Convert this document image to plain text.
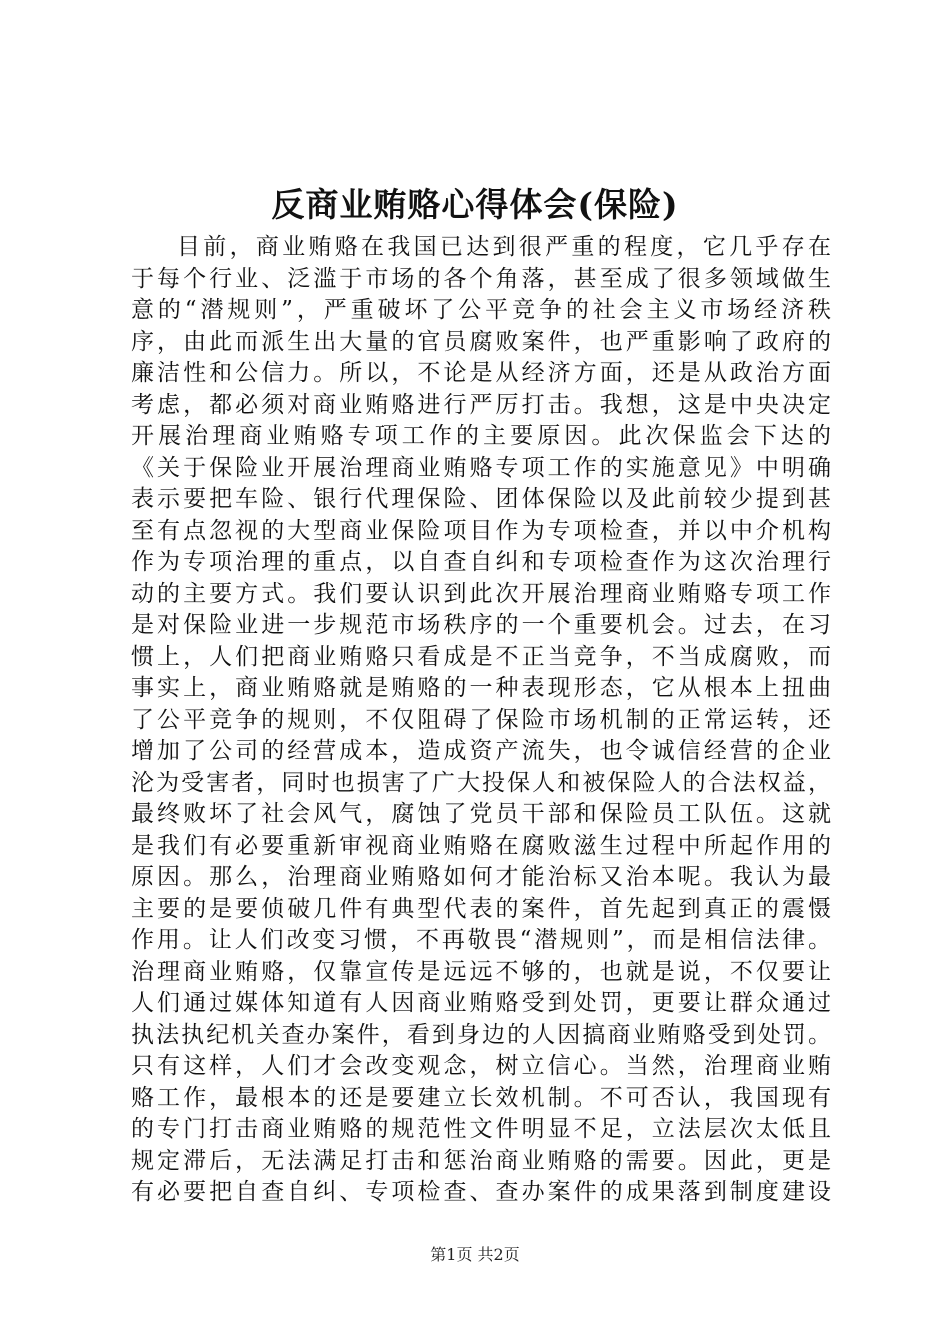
反商业贿赂心得体会(保险)
目前，商业贿赂在我国已达到很严重的程度，它几乎存在
于每个行业、泛滥于市场的各个角落，甚至成了很多领域做生
意的“潜规则”，严重破坏了公平竞争的社会主义市场经济秩
序，由此而派生出大量的官员腐败案件，也严重影响了政府的
廉洁性和公信力。所以，不论是从经济方面，还是从政治方面
考虑，都必须对商业贿赂进行严厉打击。我想，这是中央决定
开展治理商业贿赂专项工作的主要原因。此次保监会下达的
《关于保险业开展治理商业贿赂专项工作的实施意见》中明确
表示要把车险、银行代理保险、团体保险以及此前较少提到甚
至有点忽视的大型商业保险项目作为专项检查，并以中介机构
作为专项治理的重点，以自查自纠和专项检查作为这次治理行
动的主要方式。我们要认识到此次开展治理商业贿赂专项工作
是对保险业进一步规范市场秩序的一个重要机会。过去，在习
惯上，人们把商业贿赂只看成是不正当竞争，不当成腐败，而
事实上，商业贿赂就是贿赂的一种表现形态，它从根本上扭曲
了公平竞争的规则，不仅阻碍了保险市场机制的正常运转，还
增加了公司的经营成本，造成资产流失，也令诚信经营的企业
沦为受害者，同时也损害了广大投保人和被保险人的合法权益，
最终败坏了社会风气，腐蚀了党员干部和保险员工队伍。这就
是我们有必要重新审视商业贿赂在腐败滋生过程中所起作用的
原因。那么，治理商业贿赂如何才能治标又治本呢。我认为最
主要的是要侦破几件有典型代表的案件，首先起到真正的震慑
作用。让人们改变习惯，不再敬畏“潜规则”，而是相信法律。
治理商业贿赂，仅靠宣传是远远不够的，也就是说，不仅要让
人们通过媒体知道有人因商业贿赂受到处罚，更要让群众通过
执法执纪机关查办案件，看到身边的人因搞商业贿赂受到处罚。
只有这样，人们才会改变观念，树立信心。当然，治理商业贿
赂工作，最根本的还是要建立长效机制。不可否认，我国现有
的专门打击商业贿赂的规范性文件明显不足，立法层次太低且
规定滞后，无法满足打击和惩治商业贿赂的需要。因此，更是
有必要把自查自纠、专项检查、查办案件的成果落到制度建设
第1页 共2页
